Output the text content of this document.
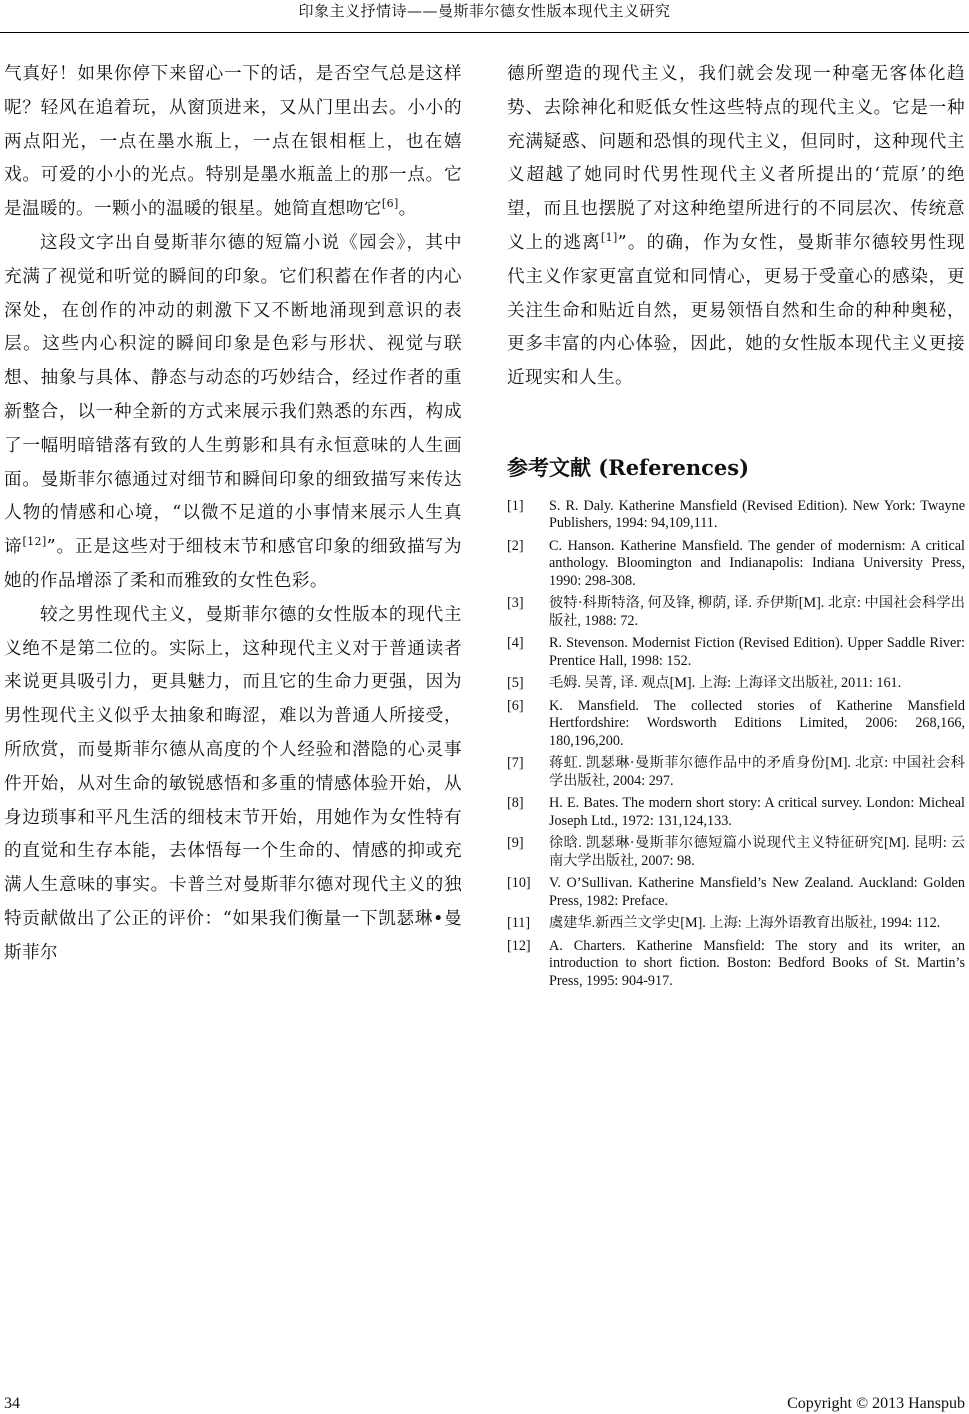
印象主义抒情诗——曼斯菲尔德女性版本现代主义研究

气真好！如果你停下来留心一下的话，是否空气总是这样呢？轻风在追着玩，从窗顶进来，又从门里出去。小小的两点阳光，一点在墨水瓶上，一点在银相框上，也在嬉戏。可爱的小小的光点。特别是墨水瓶盖上的那一点。它是温暖的。一颗小的温暖的银星。她简直想吻它[6]。

这段文字出自曼斯菲尔德的短篇小说《园会》，其中充满了视觉和听觉的瞬间的印象。它们积蓄在作者的内心深处，在创作的冲动的刺激下又不断地涌现到意识的表层。这些内心积淀的瞬间印象是色彩与形状、视觉与联想、抽象与具体、静态与动态的巧妙结合，经过作者的重新整合，以一种全新的方式来展示我们熟悉的东西，构成了一幅明暗错落有致的人生剪影和具有永恒意味的人生画面。曼斯菲尔德通过对细节和瞬间印象的细致描写来传达人物的情感和心境，“以微不足道的小事情来展示人生真谛[12]”。正是这些对于细枝末节和感官印象的细致描写为她的作品增添了柔和而雅致的女性色彩。

较之男性现代主义，曼斯菲尔德的女性版本的现代主义绝不是第二位的。实际上，这种现代主义对于普通读者来说更具吸引力，更具魅力，而且它的生命力更强，因为男性现代主义似乎太抽象和晦涩，难以为普通人所接受，所欣赏，而曼斯菲尔德从高度的个人经验和潜隐的心灵事件开始，从对生命的敏锐感悟和多重的情感体验开始，从身边琐事和平凡生活的细枝末节开始，用她作为女性特有的直觉和生存本能，去体悟每一个生命的、情感的抑或充满人生意味的事实。卡普兰对曼斯菲尔德对现代主义的独特贡献做出了公正的评价：“如果我们衡量一下凯瑟琳•曼斯菲尔

德所塑造的现代主义，我们就会发现一种毫无客体化趋势、去除神化和贬低女性这些特点的现代主义。它是一种充满疑惑、问题和恐惧的现代主义，但同时，这种现代主义超越了她同时代男性现代主义者所提出的‘荒原’的绝望，而且也摆脱了对这种绝望所进行的不同层次、传统意义上的逃离[1]”。的确，作为女性，曼斯菲尔德较男性现代主义作家更富直觉和同情心，更易于受童心的感染，更关注生命和贴近自然，更易领悟自然和生命的种种奥秘，更多丰富的内心体验，因此，她的女性版本现代主义更接近现实和人生。

参考文献 (References)
[1]	S. R. Daly. Katherine Mansfield (Revised Edition). New York: Twayne Publishers, 1994: 94,109,111.
[2]	C. Hanson. Katherine Mansfield. The gender of modernism: A critical anthology. Bloomington and Indianapolis: Indiana University Press, 1990: 298-308.
[3]	彼特·科斯特洛, 何及锋, 柳荫, 译. 乔伊斯[M]. 北京: 中国社会科学出版社, 1988: 72.
[4]	R. Stevenson. Modernist Fiction (Revised Edition). Upper Saddle River: Prentice Hall, 1998: 152.
[5]	毛姆. 吴菁, 译. 观点[M]. 上海: 上海译文出版社, 2011: 161.
[6]	K. Mansfield. The collected stories of Katherine Mansfield Hertfordshire: Wordsworth Editions Limited, 2006: 268,166, 180,196,200.
[7]	蒋虹. 凯瑟琳·曼斯菲尔德作品中的矛盾身份[M]. 北京: 中国社会科学出版社, 2004: 297.
[8]	H. E. Bates. The modern short story: A critical survey. London: Micheal Joseph Ltd., 1972: 131,124,133.
[9]	徐晗. 凯瑟琳·曼斯菲尔德短篇小说现代主义特征研究[M]. 昆明: 云南大学出版社, 2007: 98.
[10]	V. O’Sullivan. Katherine Mansfield’s New Zealand. Auckland: Golden Press, 1982: Preface.
[11]	虞建华.新西兰文学史[M]. 上海: 上海外语教育出版社, 1994: 112.
[12]	A. Charters. Katherine Mansfield: The story and its writer, an introduction to short fiction. Boston: Bedford Books of St. Martin’s Press, 1995: 904-917.
34	Copyright © 2013 Hanspub
